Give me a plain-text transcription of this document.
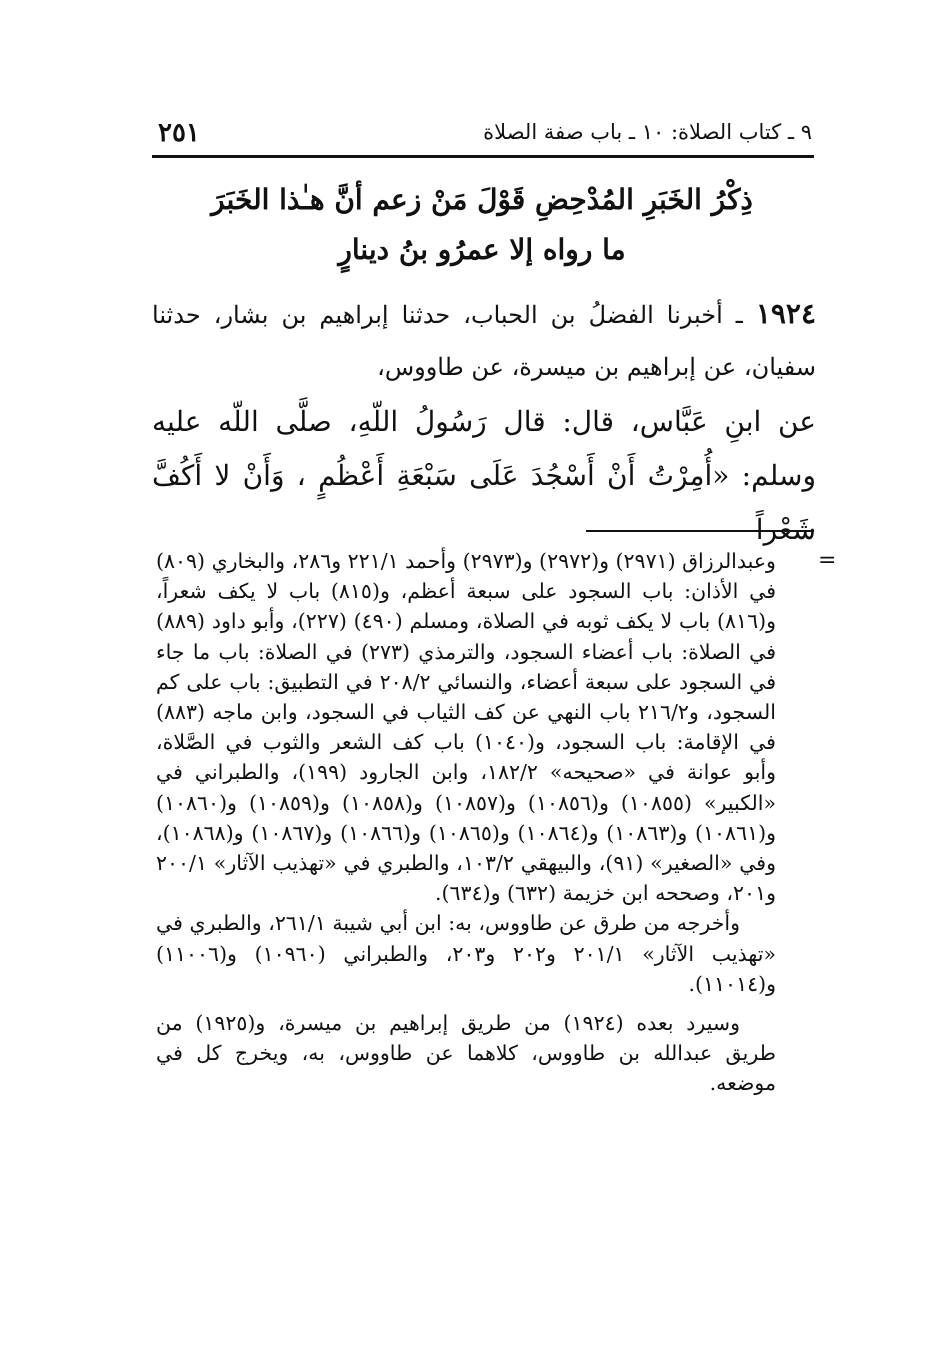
٢٥١	٩ ـ كتاب الصلاة: ١٠ ـ باب صفة الصلاة
ذِكْرُ الخَبَرِ المُدْحِضِ قَوْلَ مَنْ زعم أنَّ هـٰذا الخَبَرَ
ما رواه إلا عمرُو بنُ دينارٍ
١٩٢٤ ـ أخبرنا الفضلُ بن الحباب، حدثنا إبراهيم بن بشار، حدثنا سفيان، عن إبراهيم بن ميسرة، عن طاووس،
عن ابنِ عَبَّاس، قال: قال رَسُولُ اللّهِ، صلَّى اللّه عليه وسلم: «أُمِرْتُ أَنْ أَسْجُدَ عَلَى سَبْعَةِ أَعْظُمٍ ، وَأَنْ لا أَكُفَّ شَعْراً
=

وعبدالرزاق (٢٩٧١) و(٢٩٧٢) و(٢٩٧٣) وأحمد ٢٢١/١ و٢٨٦، والبخاري (٨٠٩) في الأذان: باب السجود على سبعة أعظم، و(٨١٥) باب لا يكف شعراً، و(٨١٦) باب لا يكف ثوبه في الصلاة، ومسلم (٤٩٠) (٢٢٧)، وأبو داود (٨٨٩) في الصلاة: باب أعضاء السجود، والترمذي (٢٧٣) في الصلاة: باب ما جاء في السجود على سبعة أعضاء، والنسائي ٢٠٨/٢ في التطبيق: باب على كم السجود، و٢١٦/٢ باب النهي عن كف الثياب في السجود، وابن ماجه (٨٨٣) في الإقامة: باب السجود، و(١٠٤٠) باب كف الشعر والثوب في الصَّلاة، وأبو عوانة في «صحيحه» ١٨٢/٢، وابن الجارود (١٩٩)، والطبراني في «الكبير» (١٠٨٥٥) و(١٠٨٥٦) و(١٠٨٥٧) و(١٠٨٥٨) و(١٠٨٥٩) و(١٠٨٦٠) و(١٠٨٦١) و(١٠٨٦٣) و(١٠٨٦٤) و(١٠٨٦٥) و(١٠٨٦٦) و(١٠٨٦٧) و(١٠٨٦٨)، وفي «الصغير» (٩١)، والبيهقي ١٠٣/٢، والطبري في «تهذيب الآثار» ٢٠٠/١ و٢٠١، وصححه ابن خزيمة (٦٣٢) و(٦٣٤).

وأخرجه من طرق عن طاووس، به: ابن أبي شيبة ٢٦١/١، والطبري في «تهذيب الآثار» ٢٠١/١ و٢٠٢ و٢٠٣، والطبراني (١٠٩٦٠) و(١١٠٠٦) و(١١٠١٤).

وسيرد بعده (١٩٢٤) من طريق إبراهيم بن ميسرة، و(١٩٢٥) من طريق عبدالله بن طاووس، كلاهما عن طاووس، به، ويخرج كل في موضعه.
